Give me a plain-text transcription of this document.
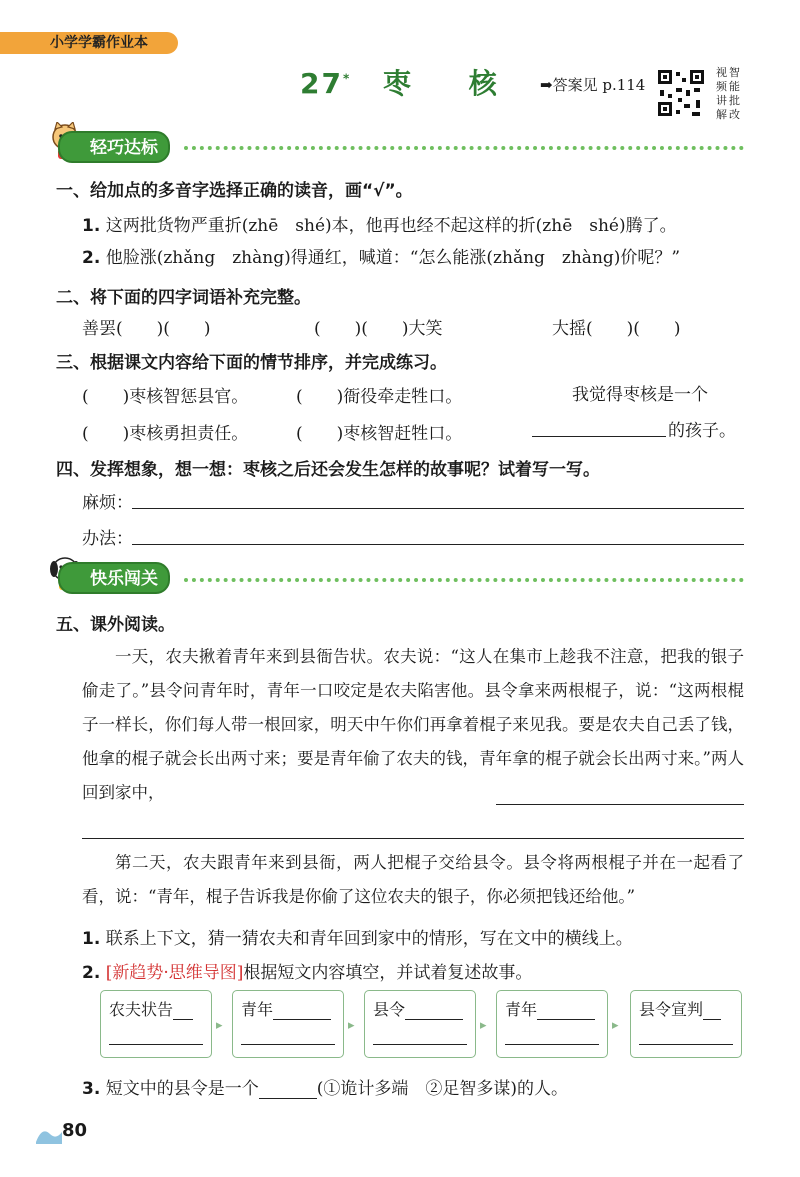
小学学霸作业本
27* 枣 核	➡答案见 p.114
视 智
频 能
讲 批
解 改
轻巧达标
一、给加点的多音字选择正确的读音，画“√”。
1. 这两批货物严重折(zhē　shé)本，他再也经不起这样的折(zhē　shé)腾了。
2. 他脸涨(zhǎng　zhàng)得通红，喊道：“怎么能涨(zhǎng　zhàng)价呢？”
二、将下面的四字词语补充完整。
善罢(　　)(　　)	(　　)(　　)大笑	大摇(　　)(　　)
三、根据课文内容给下面的情节排序，并完成练习。
(　　)枣核智惩县官。	(　　)衙役牵走牲口。
(　　)枣核勇担责任。	(　　)枣核智赶牲口。
我觉得枣核是一个
的孩子。
四、发挥想象，想一想：枣核之后还会发生怎样的故事呢？试着写一写。
麻烦：
办法：
快乐闯关
五、课外阅读。
一天，农夫揪着青年来到县衙告状。农夫说：“这人在集市上趁我不注意，把我的银子偷走了。”县令问青年时，青年一口咬定是农夫陷害他。县令拿来两根棍子，说：“这两根棍子一样长，你们每人带一根回家，明天中午你们再拿着棍子来见我。要是农夫自己丢了钱，他拿的棍子就会长出两寸来；要是青年偷了农夫的钱，青年拿的棍子就会长出两寸来。”两人回到家中，
第二天，农夫跟青年来到县衙，两人把棍子交给县令。县令将两根棍子并在一起看了看，说：“青年，棍子告诉我是你偷了这位农夫的银子，你必须把钱还给他。”
1. 联系上下文，猜一猜农夫和青年回到家中的情形，写在文中的横线上。
2. [新趋势·思维导图]根据短文内容填空，并试着复述故事。
农夫状告
▸
青年
▸
县令
▸
青年
▸
县令宣判
3. 短文中的县令是一个	(①诡计多端　②足智多谋)的人。
80
